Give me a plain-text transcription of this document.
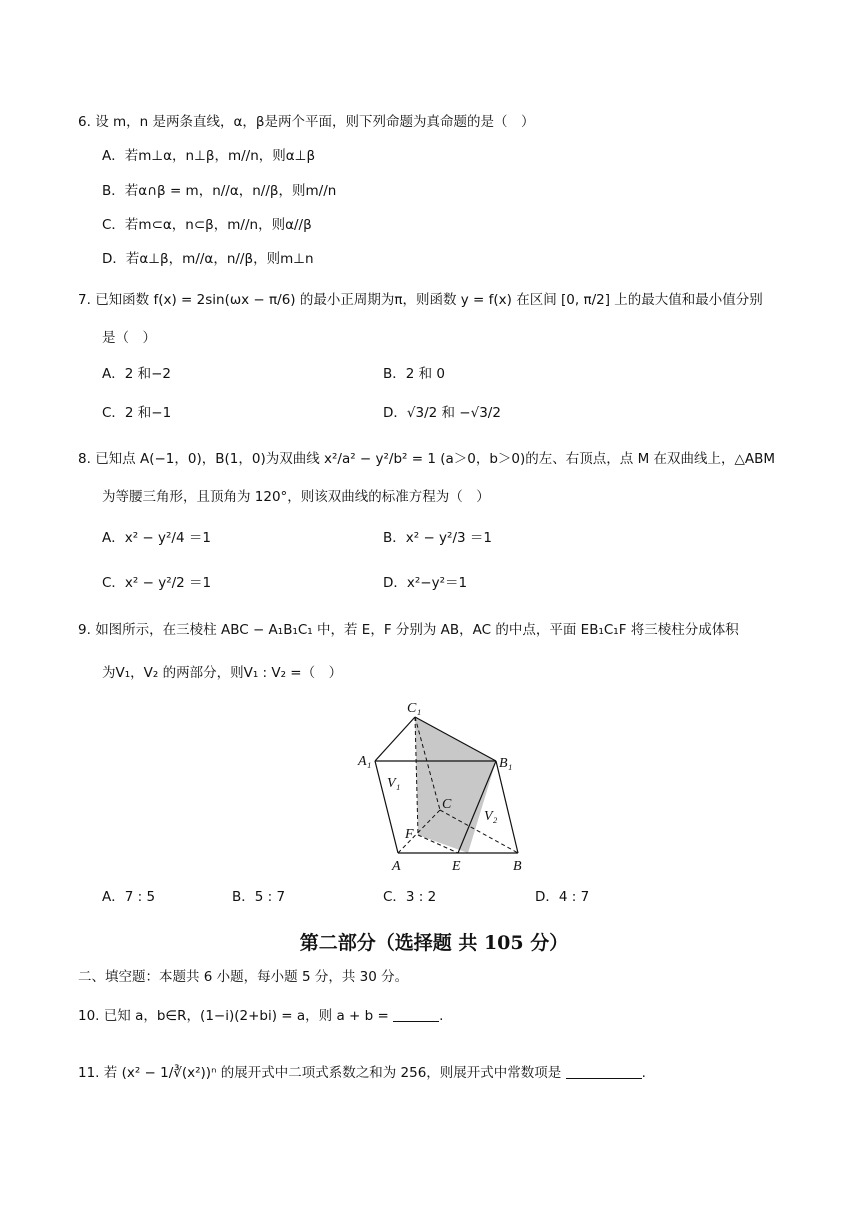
6. 设 m，n 是两条直线，α，β是两个平面，则下列命题为真命题的是（　）
A．若m⊥α，n⊥β，m//n，则α⊥β
B．若α∩β = m，n//α，n//β，则m//n
C．若m⊂α，n⊂β，m//n，则α//β
D．若α⊥β，m//α，n//β，则m⊥n
7. 已知函数 f(x) = 2sin(ωx − π/6) 的最小正周期为π，则函数 y = f(x) 在区间 [0, π/2] 上的最大值和最小值分别
是（　）
A．2 和−2	B．2 和 0
C．2 和−1	D．√3/2 和 −√3/2
8. 已知点 A(−1，0)，B(1，0)为双曲线 x²/a² − y²/b² = 1 (a＞0，b＞0)的左、右顶点，点 M 在双曲线上，△ABM
为等腰三角形，且顶角为 120°，则该双曲线的标准方程为（　）
A．x² − y²/4 ＝1	B．x² − y²/3 ＝1
C．x² − y²/2 ＝1	D．x²−y²＝1
9. 如图所示，在三棱柱 ABC − A₁B₁C₁ 中，若 E，F 分别为 AB，AC 的中点，平面 EB₁C₁F 将三棱柱分成体积
为V₁，V₂ 的两部分，则V₁ : V₂ =（　）
C₁
A₁	B₁
V₁
C
V₂
F
A	E	B
A．7 : 5	B．5 : 7	C．3 : 2	D．4 : 7
第二部分（选择题 共 105 分）
二、填空题：本题共 6 小题，每小题 5 分，共 30 分。
10. 已知 a，b∈R，(1−i)(2+bi) = a，则 a + b =	.
11. 若 (x² − 1/∛(x²))ⁿ 的展开式中二项式系数之和为 256，则展开式中常数项是	.
